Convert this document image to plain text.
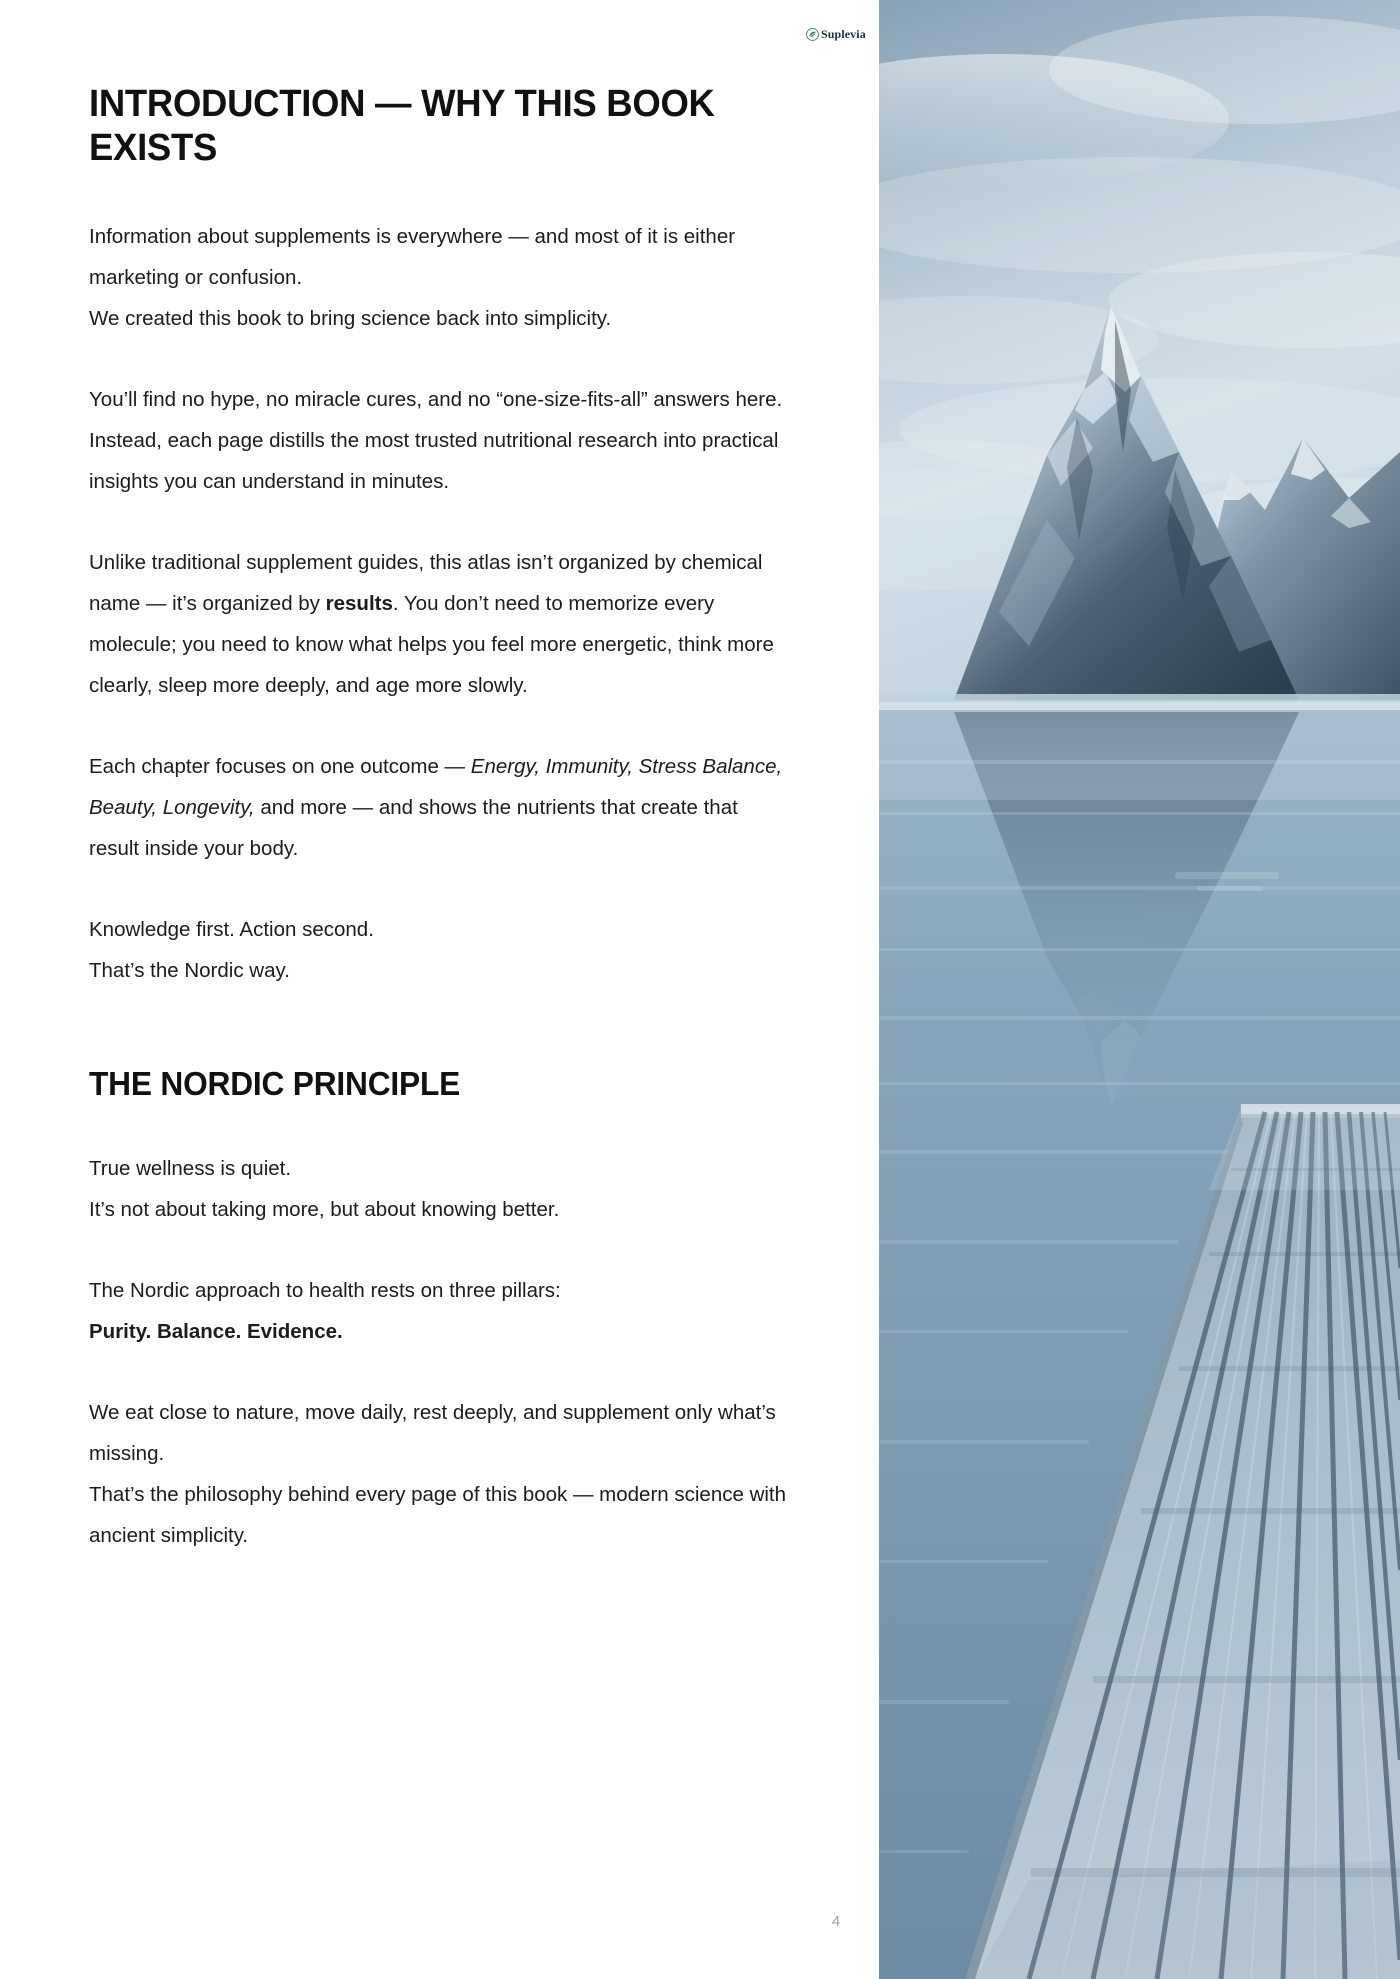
Suplevia
INTRODUCTION — WHY THIS BOOK EXISTS

Information about supplements is everywhere — and most of it is either marketing or confusion.
We created this book to bring science back into simplicity.

You’ll find no hype, no miracle cures, and no “one-size-fits-all” answers here. Instead, each page distills the most trusted nutritional research into practical insights you can understand in minutes.

Unlike traditional supplement guides, this atlas isn’t organized by chemical name — it’s organized by results. You don’t need to memorize every molecule; you need to know what helps you feel more energetic, think more clearly, sleep more deeply, and age more slowly.

Each chapter focuses on one outcome — Energy, Immunity, Stress Balance, Beauty, Longevity, and more — and shows the nutrients that create that result inside your body.

Knowledge first. Action second.
That’s the Nordic way.

THE NORDIC PRINCIPLE

True wellness is quiet.
It’s not about taking more, but about knowing better.

The Nordic approach to health rests on three pillars:
Purity. Balance. Evidence.

We eat close to nature, move daily, rest deeply, and supplement only what’s missing.
That’s the philosophy behind every page of this book — modern science with ancient simplicity.

4
